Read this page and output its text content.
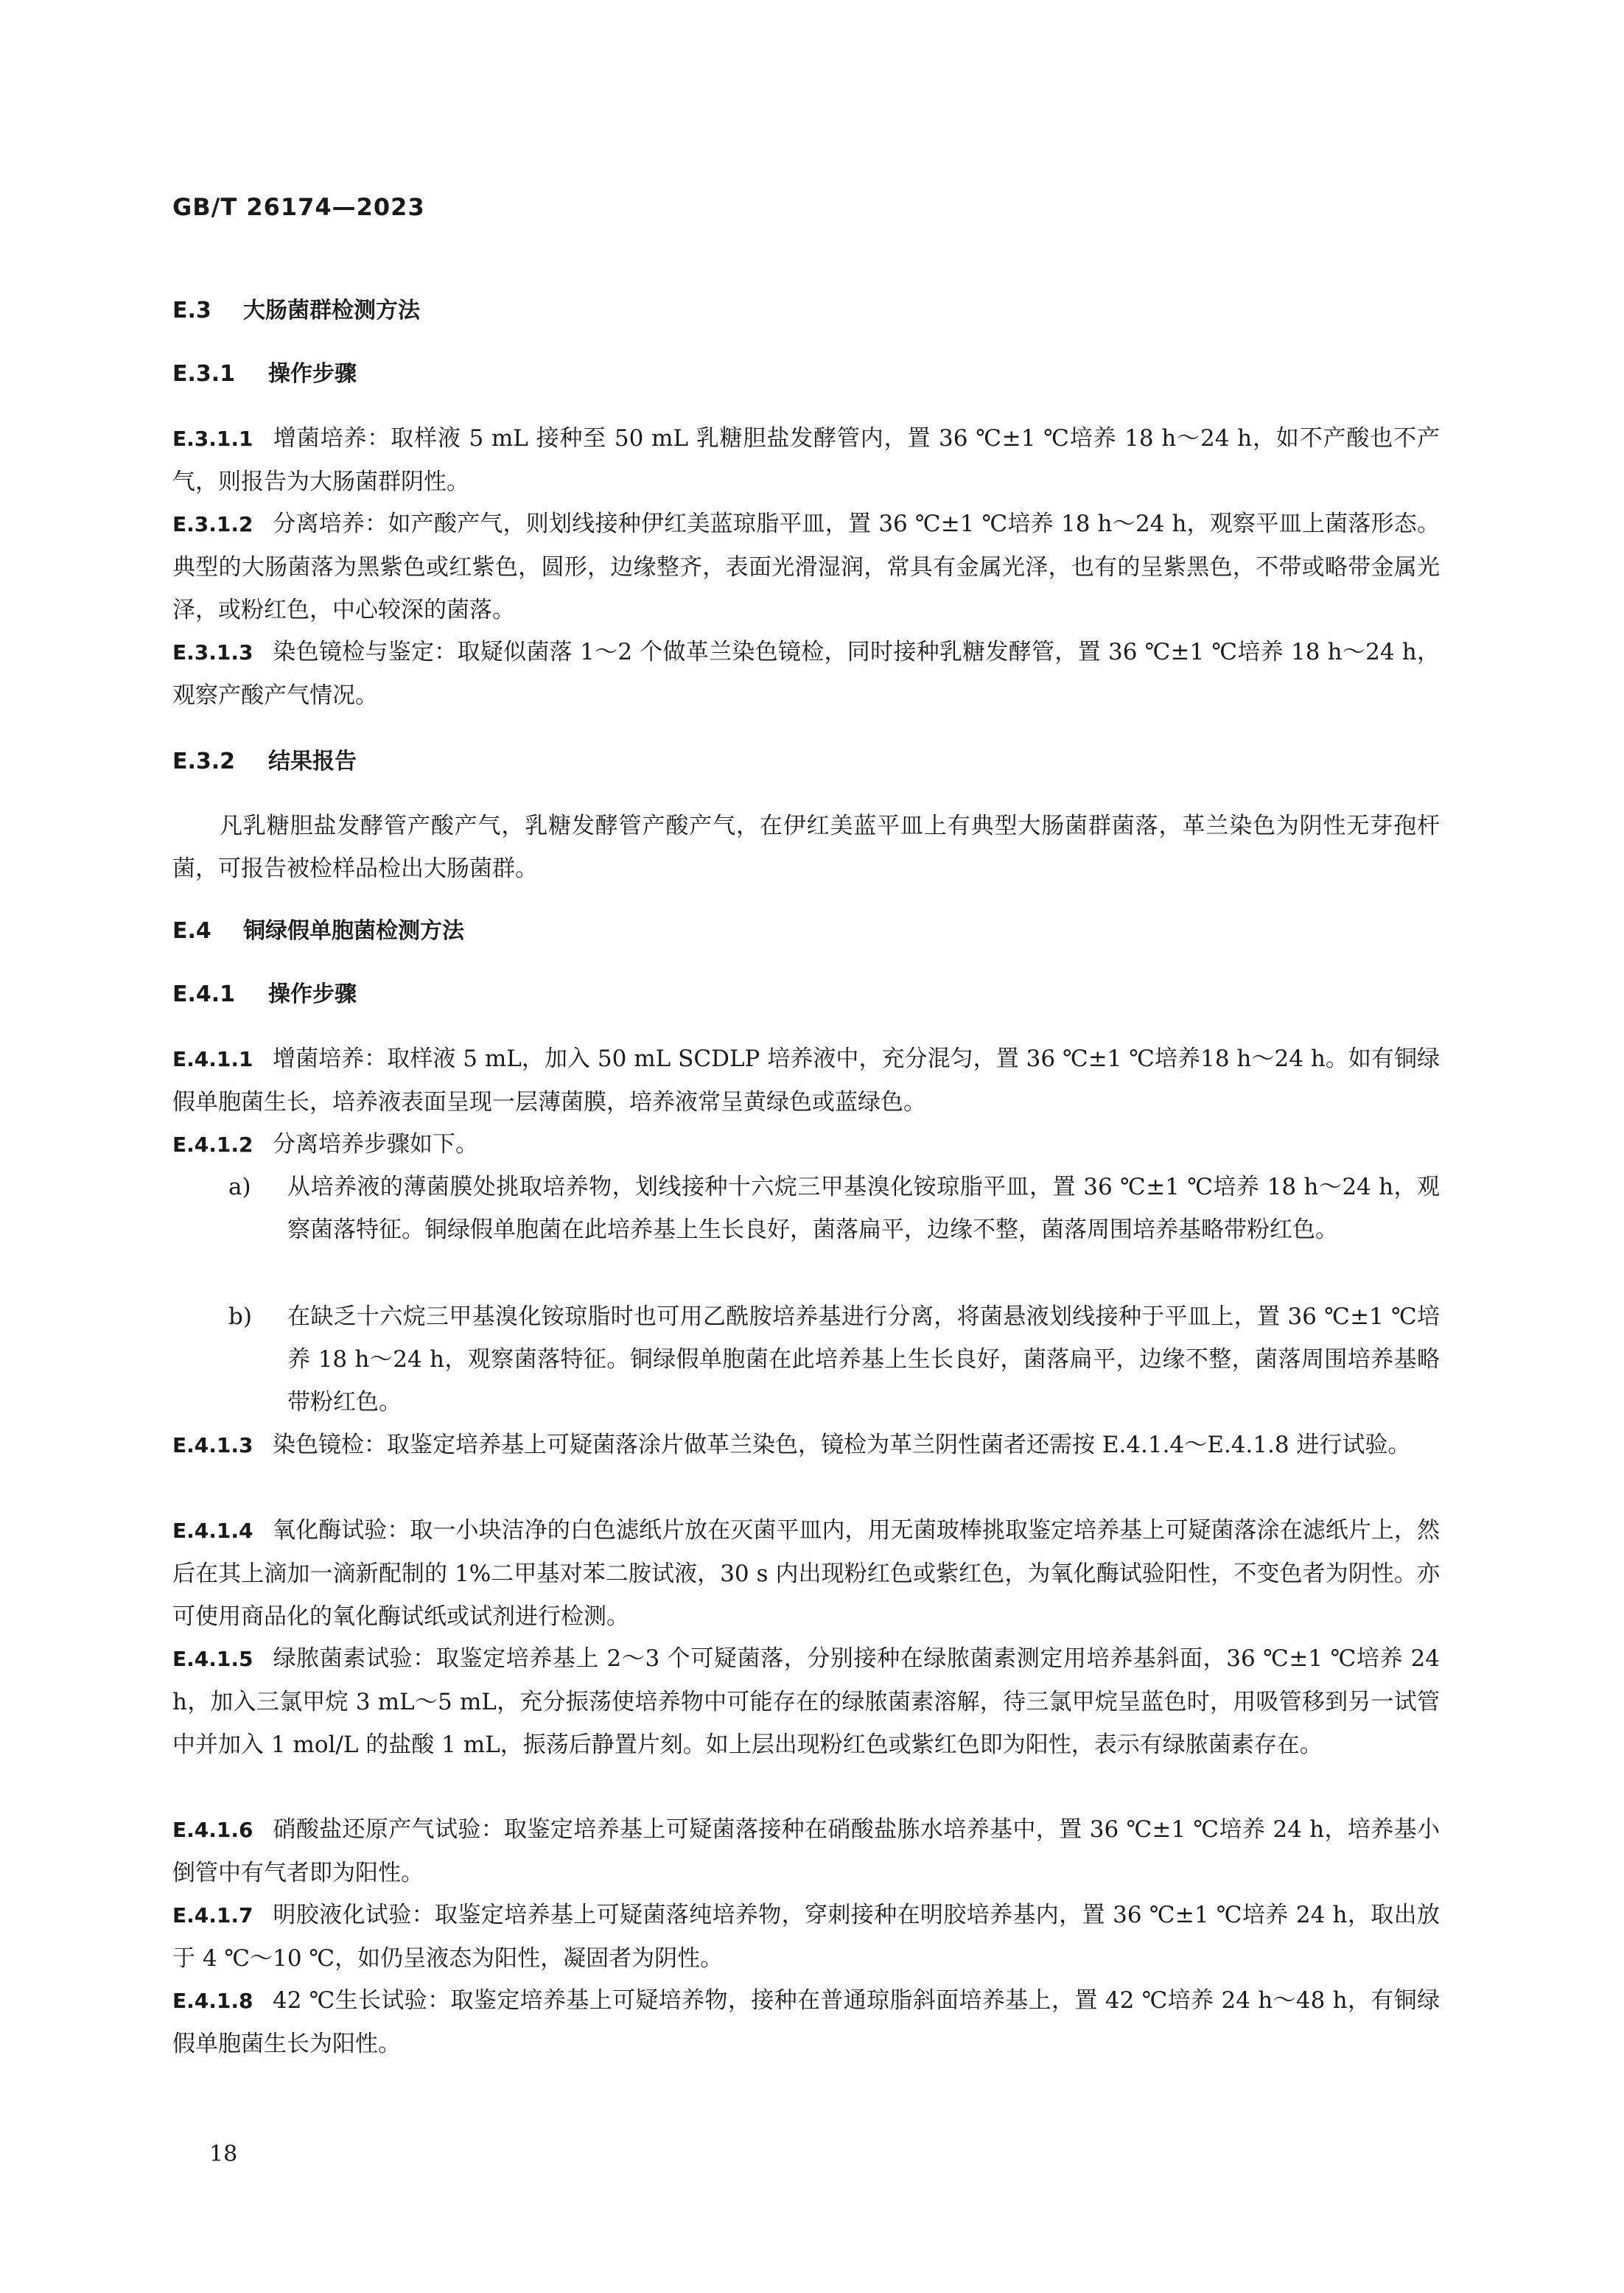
GB/T 26174—2023
E.3 大肠菌群检测方法
E.3.1 操作步骤
E.3.1.1 增菌培养：取样液 5 mL 接种至 50 mL 乳糖胆盐发酵管内，置 36 ℃±1 ℃培养 18 h～24 h，如不产酸也不产气，则报告为大肠菌群阴性。
E.3.1.2 分离培养：如产酸产气，则划线接种伊红美蓝琼脂平皿，置 36 ℃±1 ℃培养 18 h～24 h，观察平皿上菌落形态。典型的大肠菌落为黑紫色或红紫色，圆形，边缘整齐，表面光滑湿润，常具有金属光泽，也有的呈紫黑色，不带或略带金属光泽，或粉红色，中心较深的菌落。
E.3.1.3 染色镜检与鉴定：取疑似菌落 1～2 个做革兰染色镜检，同时接种乳糖发酵管，置 36 ℃±1 ℃培养 18 h～24 h，观察产酸产气情况。
E.3.2 结果报告
凡乳糖胆盐发酵管产酸产气，乳糖发酵管产酸产气，在伊红美蓝平皿上有典型大肠菌群菌落，革兰染色为阴性无芽孢杆菌，可报告被检样品检出大肠菌群。
E.4 铜绿假单胞菌检测方法
E.4.1 操作步骤
E.4.1.1 增菌培养：取样液 5 mL，加入 50 mL SCDLP 培养液中，充分混匀，置 36 ℃±1 ℃培养18 h～24 h。如有铜绿假单胞菌生长，培养液表面呈现一层薄菌膜，培养液常呈黄绿色或蓝绿色。
E.4.1.2 分离培养步骤如下。
a)	从培养液的薄菌膜处挑取培养物，划线接种十六烷三甲基溴化铵琼脂平皿，置 36 ℃±1 ℃培养 18 h～24 h，观察菌落特征。铜绿假单胞菌在此培养基上生长良好，菌落扁平，边缘不整，菌落周围培养基略带粉红色。
b)	在缺乏十六烷三甲基溴化铵琼脂时也可用乙酰胺培养基进行分离，将菌悬液划线接种于平皿上，置 36 ℃±1 ℃培养 18 h～24 h，观察菌落特征。铜绿假单胞菌在此培养基上生长良好，菌落扁平，边缘不整，菌落周围培养基略带粉红色。
E.4.1.3 染色镜检：取鉴定培养基上可疑菌落涂片做革兰染色，镜检为革兰阴性菌者还需按 E.4.1.4～E.4.1.8 进行试验。
E.4.1.4 氧化酶试验：取一小块洁净的白色滤纸片放在灭菌平皿内，用无菌玻棒挑取鉴定培养基上可疑菌落涂在滤纸片上，然后在其上滴加一滴新配制的 1%二甲基对苯二胺试液，30 s 内出现粉红色或紫红色，为氧化酶试验阳性，不变色者为阴性。亦可使用商品化的氧化酶试纸或试剂进行检测。
E.4.1.5 绿脓菌素试验：取鉴定培养基上 2～3 个可疑菌落，分别接种在绿脓菌素测定用培养基斜面，36 ℃±1 ℃培养 24 h，加入三氯甲烷 3 mL～5 mL，充分振荡使培养物中可能存在的绿脓菌素溶解，待三氯甲烷呈蓝色时，用吸管移到另一试管中并加入 1 mol/L 的盐酸 1 mL，振荡后静置片刻。如上层出现粉红色或紫红色即为阳性，表示有绿脓菌素存在。
E.4.1.6 硝酸盐还原产气试验：取鉴定培养基上可疑菌落接种在硝酸盐胨水培养基中，置 36 ℃±1 ℃培养 24 h，培养基小倒管中有气者即为阳性。
E.4.1.7 明胶液化试验：取鉴定培养基上可疑菌落纯培养物，穿刺接种在明胶培养基内，置 36 ℃±1 ℃培养 24 h，取出放于 4 ℃～10 ℃，如仍呈液态为阳性，凝固者为阴性。
E.4.1.8 42 ℃生长试验：取鉴定培养基上可疑培养物，接种在普通琼脂斜面培养基上，置 42 ℃培养 24 h～48 h，有铜绿假单胞菌生长为阳性。
18
